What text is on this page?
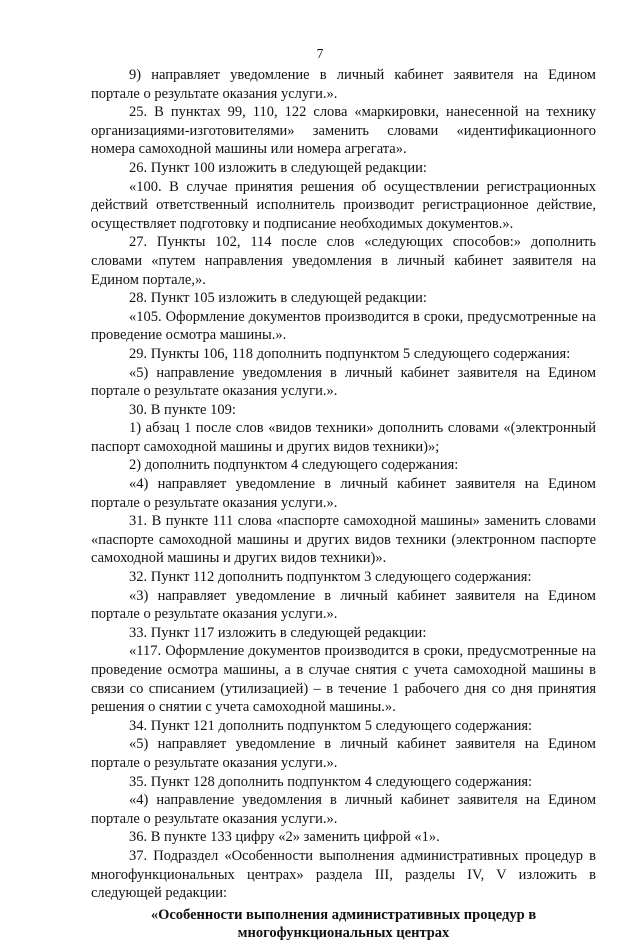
7

9) направляет уведомление в личный кабинет заявителя на Едином портале о результате оказания услуги.».

25. В пунктах 99, 110, 122 слова «маркировки, нанесенной на технику организациями-изготовителями» заменить словами «идентификационного номера самоходной машины или номера агрегата».

26. Пункт 100 изложить в следующей редакции:

«100. В случае принятия решения об осуществлении регистрационных действий ответственный исполнитель производит регистрационное действие, осуществляет подготовку и подписание необходимых документов.».

27. Пункты 102, 114 после слов «следующих способов:» дополнить словами «путем направления уведомления в личный кабинет заявителя на Едином портале,».

28. Пункт 105 изложить в следующей редакции:

«105. Оформление документов производится в сроки, предусмотренные на проведение осмотра машины.».

29. Пункты 106, 118 дополнить подпунктом 5 следующего содержания:

«5) направление уведомления в личный кабинет заявителя на Едином портале о результате оказания услуги.».

30. В пункте 109:

1) абзац 1 после слов «видов техники» дополнить словами «(электронный паспорт самоходной машины и других видов техники)»;

2) дополнить подпунктом 4 следующего содержания:

«4) направляет уведомление в личный кабинет заявителя на Едином портале о результате оказания услуги.».

31. В пункте 111 слова «паспорте самоходной машины» заменить словами «паспорте самоходной машины и других видов техники (электронном паспорте самоходной машины и других видов техники)».

32. Пункт 112 дополнить подпунктом 3 следующего содержания:

«3) направляет уведомление в личный кабинет заявителя на Едином портале о результате оказания услуги.».

33. Пункт 117 изложить в следующей редакции:

«117. Оформление документов производится в сроки, предусмотренные на проведение осмотра машины, а в случае снятия с учета самоходной машины в связи со списанием (утилизацией) – в течение 1 рабочего дня со дня принятия решения о снятии с учета самоходной машины.».

34. Пункт 121 дополнить подпунктом 5 следующего содержания:

«5) направляет уведомление в личный кабинет заявителя на Едином портале о результате оказания услуги.».

35. Пункт 128 дополнить подпунктом 4 следующего содержания:

«4) направление уведомления в личный кабинет заявителя на Едином портале о результате оказания услуги.».

36. В пункте 133 цифру «2» заменить цифрой «1».

37. Подраздел «Особенности выполнения административных процедур в многофункциональных центрах» раздела III, разделы IV, V изложить в следующей редакции:

«Особенности выполнения административных процедур в
многофункциональных центрах
